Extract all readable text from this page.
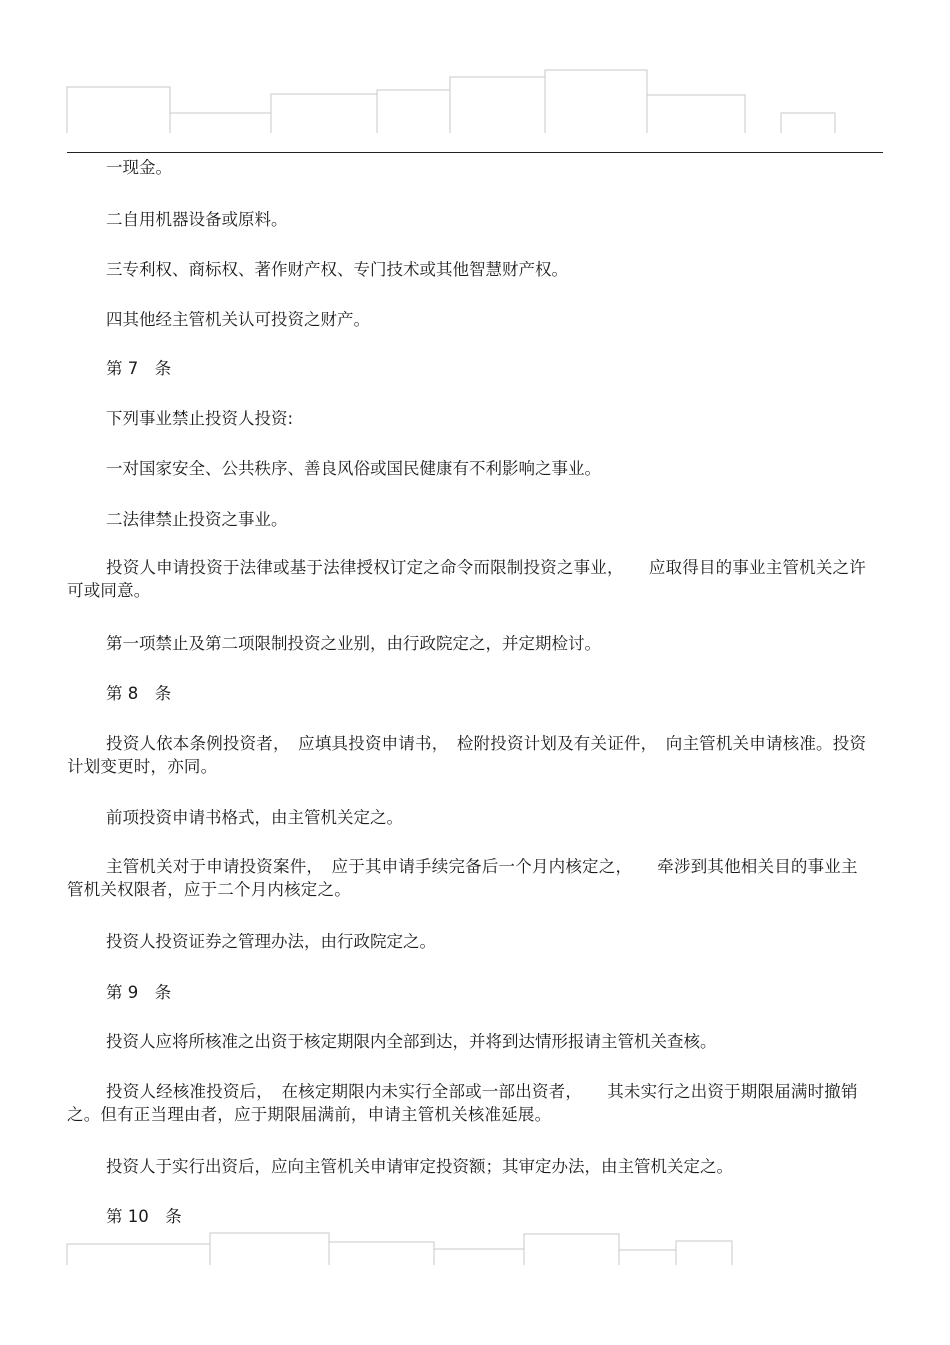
一现金。

二自用机器设备或原料。

三专利权、商标权、著作财产权、专门技术或其他智慧财产权。

四其他经主管机关认可投资之财产。

第 7　条

下列事业禁止投资人投资:

一对国家安全、公共秩序、善良风俗或国民健康有不利影响之事业。

二法律禁止投资之事业。

投资人申请投资于法律或基于法律授权订定之命令而限制投资之事业，　　应取得目的事业主管机关之许可或同意。

第一项禁止及第二项限制投资之业别，由行政院定之，并定期检讨。

第 8　条

投资人依本条例投资者，　应填具投资申请书，　检附投资计划及有关证件，　向主管机关申请核准。投资计划变更时，亦同。

前项投资申请书格式，由主管机关定之。

主管机关对于申请投资案件，　应于其申请手续完备后一个月内核定之，　　牵涉到其他相关目的事业主管机关权限者，应于二个月内核定之。

投资人投资证券之管理办法，由行政院定之。

第 9　条

投资人应将所核准之出资于核定期限内全部到达，并将到达情形报请主管机关查核。

投资人经核准投资后，　在核定期限内未实行全部或一部出资者，　　其未实行之出资于期限届满时撤销之。但有正当理由者，应于期限届满前，申请主管机关核准延展。

投资人于实行出资后，应向主管机关申请审定投资额；其审定办法，由主管机关定之。

第 10　条
